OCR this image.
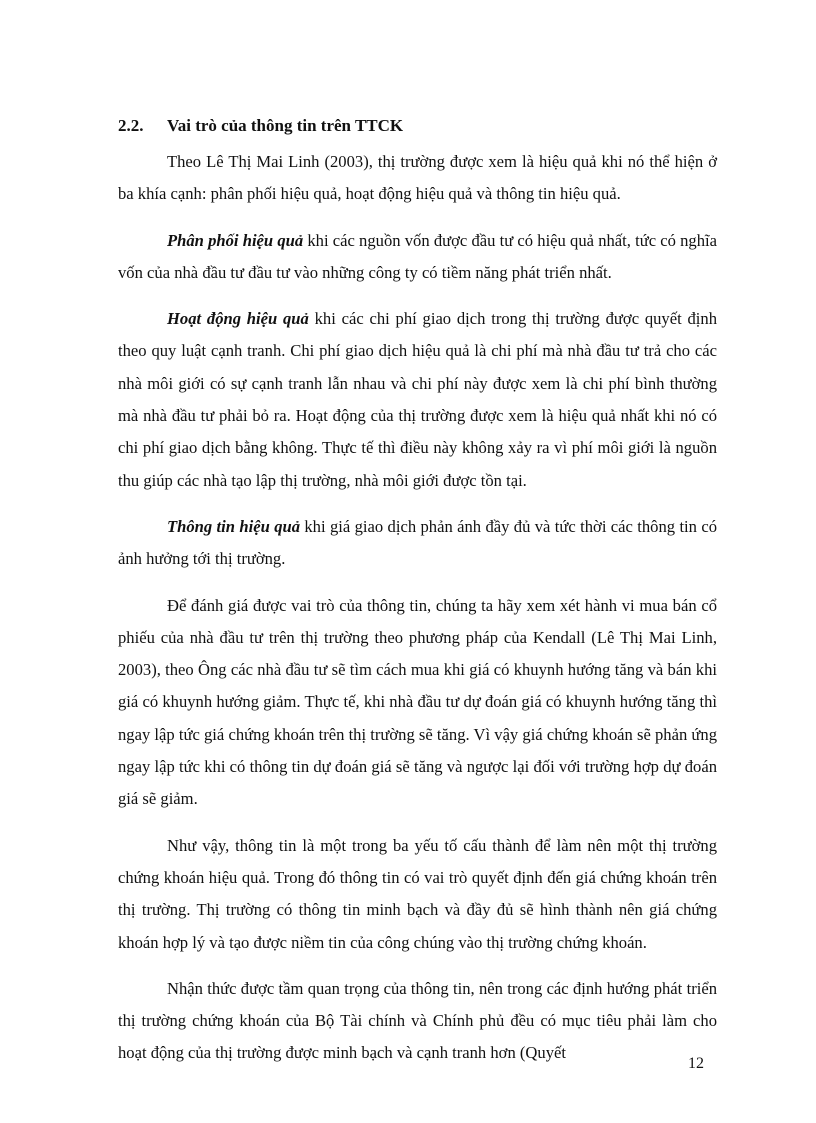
2.2.	Vai trò của thông tin trên TTCK

Theo Lê Thị Mai Linh (2003), thị trường được xem là hiệu quả khi nó thể hiện ở ba khía cạnh: phân phối hiệu quả, hoạt động hiệu quả và thông tin hiệu quả.

Phân phối hiệu quả khi các nguồn vốn được đầu tư có hiệu quả nhất, tức có nghĩa vốn của nhà đầu tư đầu tư vào những công ty có tiềm năng phát triển nhất.

Hoạt động hiệu quả khi các chi phí giao dịch trong thị trường được quyết định theo quy luật cạnh tranh. Chi phí giao dịch hiệu quả là chi phí mà nhà đầu tư trả cho các nhà môi giới có sự cạnh tranh lẫn nhau và chi phí này được xem là chi phí bình thường mà nhà đầu tư phải bỏ ra. Hoạt động của thị trường được xem là hiệu quả nhất khi nó có chi phí giao dịch bằng không. Thực tế thì điều này không xảy ra vì phí môi giới là nguồn thu giúp các nhà tạo lập thị trường, nhà môi giới được tồn tại.

Thông tin hiệu quả khi giá giao dịch phản ánh đầy đủ và tức thời các thông tin có ảnh hưởng tới thị trường.

Để đánh giá được vai trò của thông tin, chúng ta hãy xem xét hành vi mua bán cổ phiếu của nhà đầu tư trên thị trường theo phương pháp của Kendall (Lê Thị Mai Linh, 2003), theo Ông các nhà đầu tư sẽ tìm cách mua khi giá có khuynh hướng tăng và bán khi giá có khuynh hướng giảm. Thực tế, khi nhà đầu tư dự đoán giá có khuynh hướng tăng thì ngay lập tức giá chứng khoán trên thị trường sẽ tăng. Vì vậy giá chứng khoán sẽ phản ứng ngay lập tức khi có thông tin dự đoán giá sẽ tăng và ngược lại đối với trường hợp dự đoán giá sẽ giảm.

Như vậy, thông tin là một trong ba yếu tố cấu thành để làm nên một thị trường chứng khoán hiệu quả. Trong đó thông tin có vai trò quyết định đến giá chứng khoán trên thị trường. Thị trường có thông tin minh bạch và đầy đủ sẽ hình thành nên giá chứng khoán hợp lý và tạo được niềm tin của công chúng vào thị trường chứng khoán.

Nhận thức được tầm quan trọng của thông tin, nên trong các định hướng phát triển thị trường chứng khoán của Bộ Tài chính và Chính phủ đều có mục tiêu phải làm cho hoạt động của thị trường được minh bạch và cạnh tranh hơn (Quyết

12
